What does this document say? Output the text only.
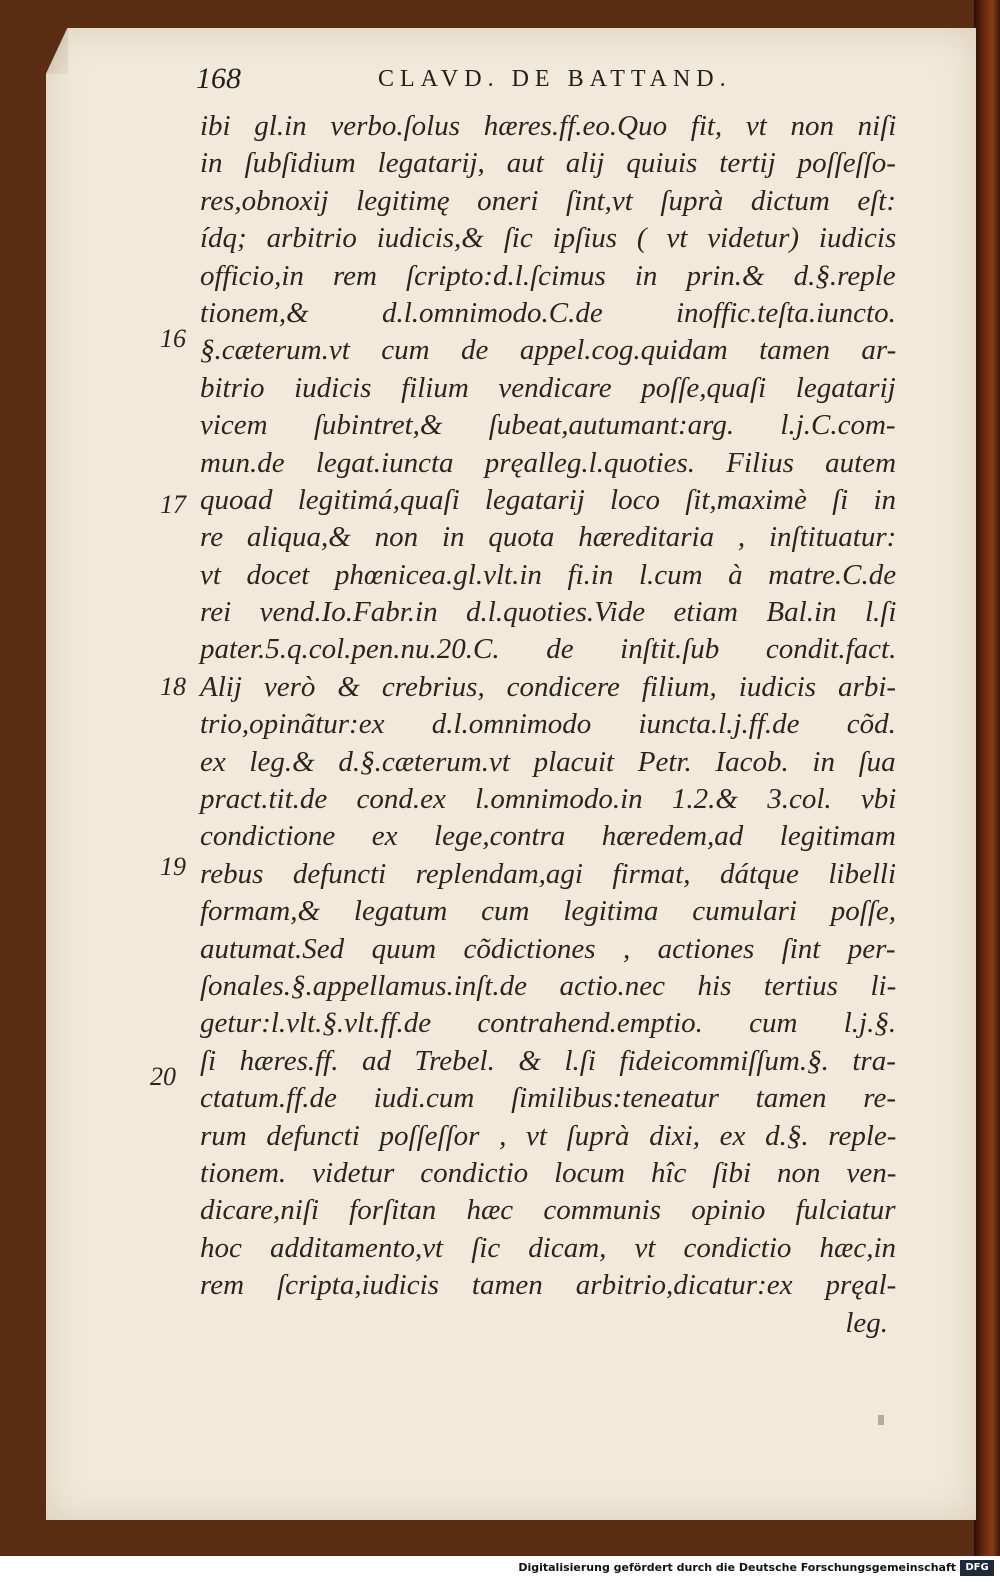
168	CLAVD. DE BATTAND.
16
17
18
19
20
ibi gl.in verbo.ſolus hæres.ff.eo.Quo fit, vt non niſi
in ſubſidium legatarij, aut alij quiuis tertij poſſeſſo-
res,obnoxij legitimę oneri ſint,vt ſuprà dictum eſt:
ídq; arbitrio iudicis,& ſic ipſius ( vt videtur) iudicis
officio,in rem ſcripto:d.l.ſcimus in prin.& d.§.reple
tionem,& d.l.omnimodo.C.de inoffic.teſta.iuncto.
§.cæterum.vt cum de appel.cog.quidam tamen ar-
bitrio iudicis filium vendicare poſſe,quaſi legatarij
vicem ſubintret,& ſubeat,autumant:arg. l.j.C.com-
mun.de legat.iuncta pręalleg.l.quoties. Filius autem
quoad legitimá,quaſi legatarij loco ſit,maximè ſi in
re aliqua,& non in quota hæreditaria , inſtituatur:
vt docet phœnicea.gl.vlt.in fi.in l.cum à matre.C.de
rei vend.Io.Fabr.in d.l.quoties.Vide etiam Bal.in l.ſi
pater.5.q.col.pen.nu.20.C. de inſtit.ſub condit.fact.
Alij verò & crebrius, condicere filium, iudicis arbi-
trio,opinãtur:ex d.l.omnimodo iuncta.l.j.ff.de cõd.
ex leg.& d.§.cæterum.vt placuit Petr. Iacob. in ſua
pract.tit.de cond.ex l.omnimodo.in 1.2.& 3.col. vbi
condictione ex lege,contra hæredem,ad legitimam
rebus defuncti replendam,agi firmat, dátque libelli
formam,& legatum cum legitima cumulari poſſe,
autumat.Sed quum cõdictiones , actiones ſint per-
ſonales.§.appellamus.inſt.de actio.nec his tertius li-
getur:l.vlt.§.vlt.ff.de contrahend.emptio. cum l.j.§.
ſi hæres.ff. ad Trebel. & l.ſi fideicommiſſum.§. tra-
ctatum.ff.de iudi.cum ſimilibus:teneatur tamen re-
rum defuncti poſſeſſor , vt ſuprà dixi, ex d.§. reple-
tionem. videtur condictio locum hîc ſibi non ven-
dicare,niſi forſitan hæc communis opinio fulciatur
hoc additamento,vt ſic dicam, vt condictio hæc,in
rem ſcripta,iudicis tamen arbitrio,dicatur:ex pręal-
leg.
Digitalisierung gefördert durch die Deutsche Forschungsgemeinschaft DFG
